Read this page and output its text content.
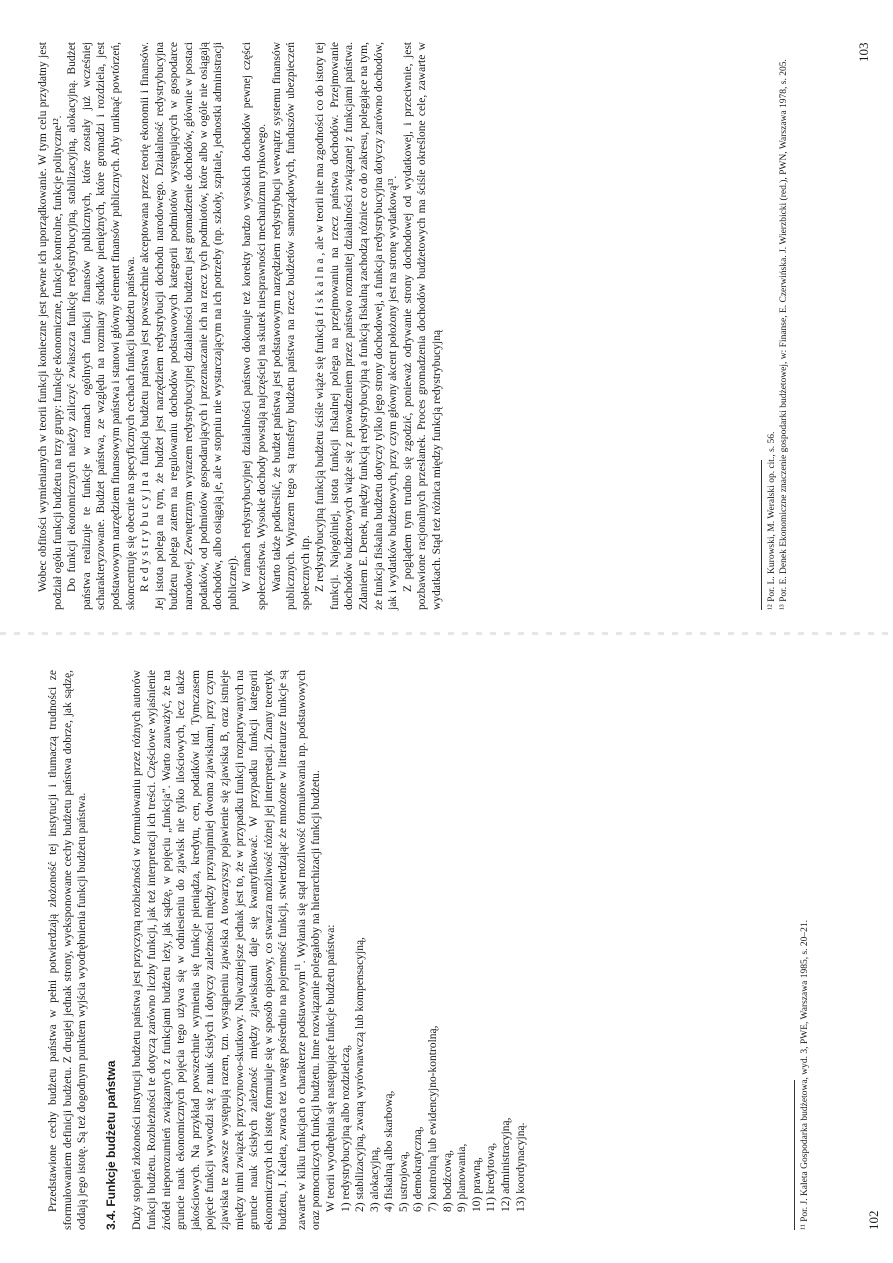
Przedstawione cechy budżetu państwa w pełni potwierdzają złożoność tej instytucji i tłumaczą trudności ze sformułowaniem definicji budżetu. Z drugiej jednak strony, wyeksponowane cechy budżetu państwa dobrze, jak sądzę, oddają jego istotę. Są też dogodnym punktem wyjścia wyodrębnienia funkcji budżetu państwa. 3.4. Funkcje budżetu państwa Duży stopień złożoności instytucji budżetu państwa jest przyczyną rozbieżności w formułowaniu przez różnych autorów funkcji budżetu. Rozbieżności te dotyczą zarówno liczby funkcji, jak też interpretacji ich treści. Częściowe wyjaśnienie źródeł nieporozumień związanych z funkcjami budżetu leży, jak sądzę, w pojęciu „funkcja”. Warto zauważyć, że na gruncie nauk ekonomicznych pojęcia tego używa się w odniesieniu do zjawisk nie tylko ilościowych, lecz także jakościowych. Na przykład powszechnie wymienia się funkcje pieniądza, kredytu, cen, podatków itd. Tymczasem pojęcie funkcji wywodzi się z nauk ścisłych i dotyczy zależności między przynajmniej dwoma zjawiskami, przy czym zjawiska te zawsze występują razem, tzn. wystąpieniu zjawiska A towarzyszy pojawienie się zjawiska B, oraz istnieje między nimi związek przyczynowo-skutkowy. Najważniejsze jednak jest to, że w przypadku funkcji rozpatrywanych na gruncie nauk ścisłych zależność między zjawiskami daje się kwantyfikować. W przypadku funkcji kategorii ekonomicznych ich istotę formułuje się w sposób opisowy, co stwarza możliwość różnej jej interpretacji. Znany teoretyk budżetu, J. Kaleta, zwraca też uwagę pośrednio na pojemność funkcji, stwierdzając że mnożone w literaturze funkcje są zawarte w kilku funkcjach o charakterze podstawowym$^{11}$. Wyłania się stąd możliwość formułowania np. podstawowych oraz pomocniczych funkcji budżetu. Inne rozwiązanie polegałoby na hierarchizacji funkcji budżetu. W teorii wyodrębnia się następujące funkcje budżetu państwa: 1) redystrybucyjną albo rozdzielczą, 2) stabilizacyjną, zwaną wyrównawczą lub kompensacyjną, 3) alokacyjną, 4) fiskalną albo skarbową, 5) ustrojową, 6) demokratyczną, 7) kontrolną lub ewidencyjno-kontrolną, 8) bodźcową, 9) planowania, 10) prawną, 11) kredytową, 12) administracyjną, 13) koordynacyjną.	¹¹ Por. J. Kaleta Gospodarka budżetowa, wyd. 3, PWE, Warszawa 1985, s. 20–21.	102

Wobec obfitości wymienianych w teorii funkcji konieczne jest pewne ich uporządkowanie. W tym celu przydatny jest podział ogółu funkcji budżetu na trzy grupy: funkcje ekonomiczne, funkcje kontrolne, funkcje polityczne¹². Do funkcji ekonomicznych należy zaliczyć zwłaszcza funkcję redystrybucyjną, stabilizacyjną, alokacyjną. Budżet państwa realizuje te funkcje w ramach ogólnych funkcji finansów publicznych, które zostały już wcześniej scharakteryzowane. Budżet państwa, ze względu na rozmiary środków pieniężnych, które gromadzi i rozdziela, jest podstawowym narzędziem finansowym państwa i stanowi główny element finansów publicznych. Aby uniknąć powtórzeń, skoncentruję się obecnie na specyficznych cechach funkcji budżetu państwa. Redystrybucyjna funkcja budżetu państwa jest powszechnie akceptowana przez teorię ekonomii i finansów. Jej istota polega na tym, że budżet jest narzędziem redystrybucji dochodu narodowego. Działalność redystrybucyjna budżetu polega zatem na regulowaniu dochodów podstawowych kategorii podmiotów występujących w gospodarce narodowej. Zewnętrznym wyrazem redystrybucyjnej działalności budżetu jest gromadzenie dochodów, głównie w postaci podatków, od podmiotów gospodarujących i przeznaczanie ich na rzecz tych podmiotów, które albo w ogóle nie osiągają dochodów, albo osiągają je, ale w stopniu nie wystarczającym na ich potrzeby (np. szkoły, szpitale, jednostki administracji publicznej). W ramach redystrybucyjnej działalności państwo dokonuje też korekty bardzo wysokich dochodów pewnej części społeczeństwa. Wysokie dochody powstają najczęściej na skutek niesprawności mechanizmu rynkowego. Warto także podkreślić, że budżet państwa jest podstawowym narzędziem redystrybucji wewnątrz systemu finansów publicznych. Wyrazem tego są transfery budżetu państwa na rzecz budżetów samorządowych, funduszów ubezpieczeń społecznych itp. Z redystrybucyjną funkcją budżetu ściśle wiąże się funkcja fiskalna, ale w teorii nie ma zgodności co do istoty tej funkcji. Najogólniej, istota funkcji fiskalnej polega na przejmowaniu na rzecz państwa dochodów. Przejmowanie dochodów budżetowych wiąże się z prowadzeniem przez państwo rozmaitej działalności związanej z funkcjami państwa. Zdaniem E. Denek, między funkcją redystrybucyjną a funkcją fiskalną zachodzą różnice co do zakresu, polegające na tym, że funkcja fiskalna budżetu dotyczy tylko jego strony dochodowej, a funkcja redystrybucyjna dotyczy zarówno dochodów, jak i wydatków budżetowych, przy czym główny akcent położony jest na stronę wydatkową¹³. Z poglądem tym trudno się zgodzić, ponieważ odrywanie strony dochodowej od wydatkowej, i przeciwnie, jest pozbawione racjonalnych przesłanek. Proces gromadzenia dochodów budżetowych ma ściśle określone cele, zawarte w wydatkach. Stąd też różnica między funkcją redystrybucyjną	¹² Por. L. Kurowski, M. Weralski op. cit., s. 56. ¹³ Por. E. Denek Ekonomiczne znaczenie gospodarki budżetowej, w: Finanse, E. Czerwińska. J. Wierzbicki (red.), PWN, Warszawa 1978, s. 205.
103
